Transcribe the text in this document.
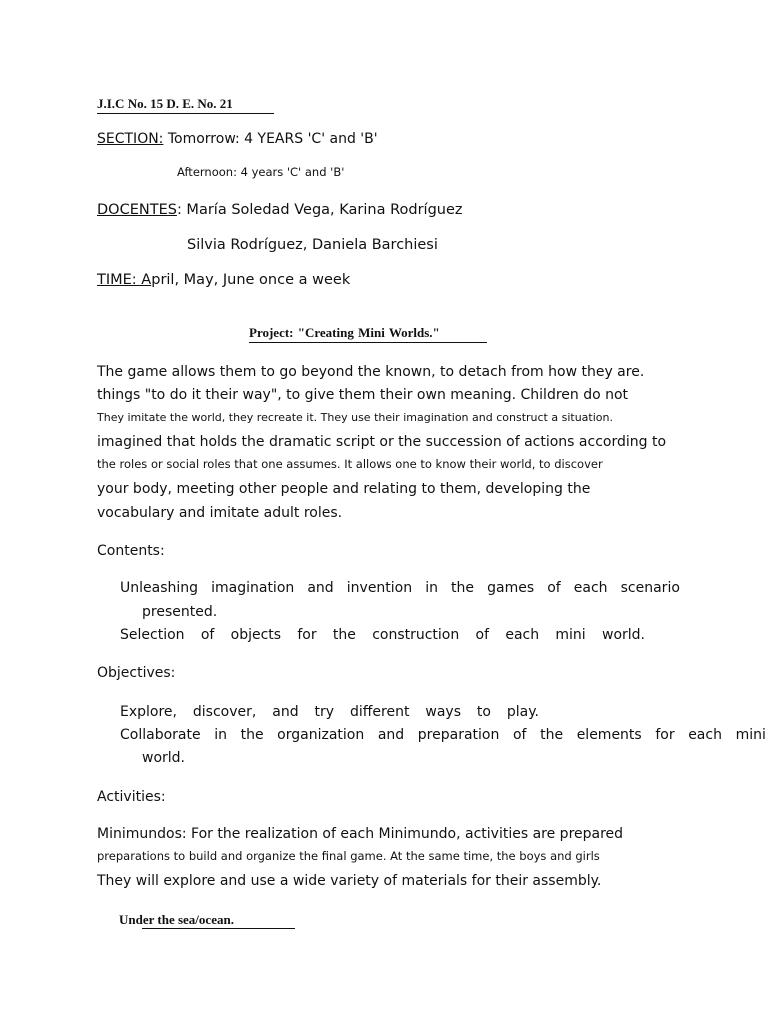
J.I.C No. 15 D. E. No. 21
SECTION: Tomorrow: 4 YEARS 'C' and 'B'
Afternoon: 4 years 'C' and 'B'
DOCENTES: María Soledad Vega, Karina Rodríguez
Silvia Rodríguez, Daniela Barchiesi
TIME: April, May, June once a week
Project: "Creating Mini Worlds."
The game allows them to go beyond the known, to detach from how they are.
things "to do it their way", to give them their own meaning. Children do not
They imitate the world, they recreate it. They use their imagination and construct a situation.
imagined that holds the dramatic script or the succession of actions according to
the roles or social roles that one assumes. It allows one to know their world, to discover
your body, meeting other people and relating to them, developing the
vocabulary and imitate adult roles.
Contents:
Unleashing imagination and invention in the games of each scenario
presented.
Selection of objects for the construction of each mini world.
Objectives:
Explore, discover, and try different ways to play.
Collaborate in the organization and preparation of the elements for each mini
world.
Activities:
Minimundos: For the realization of each Minimundo, activities are prepared
preparations to build and organize the final game. At the same time, the boys and girls
They will explore and use a wide variety of materials for their assembly.
Under the sea/ocean.
